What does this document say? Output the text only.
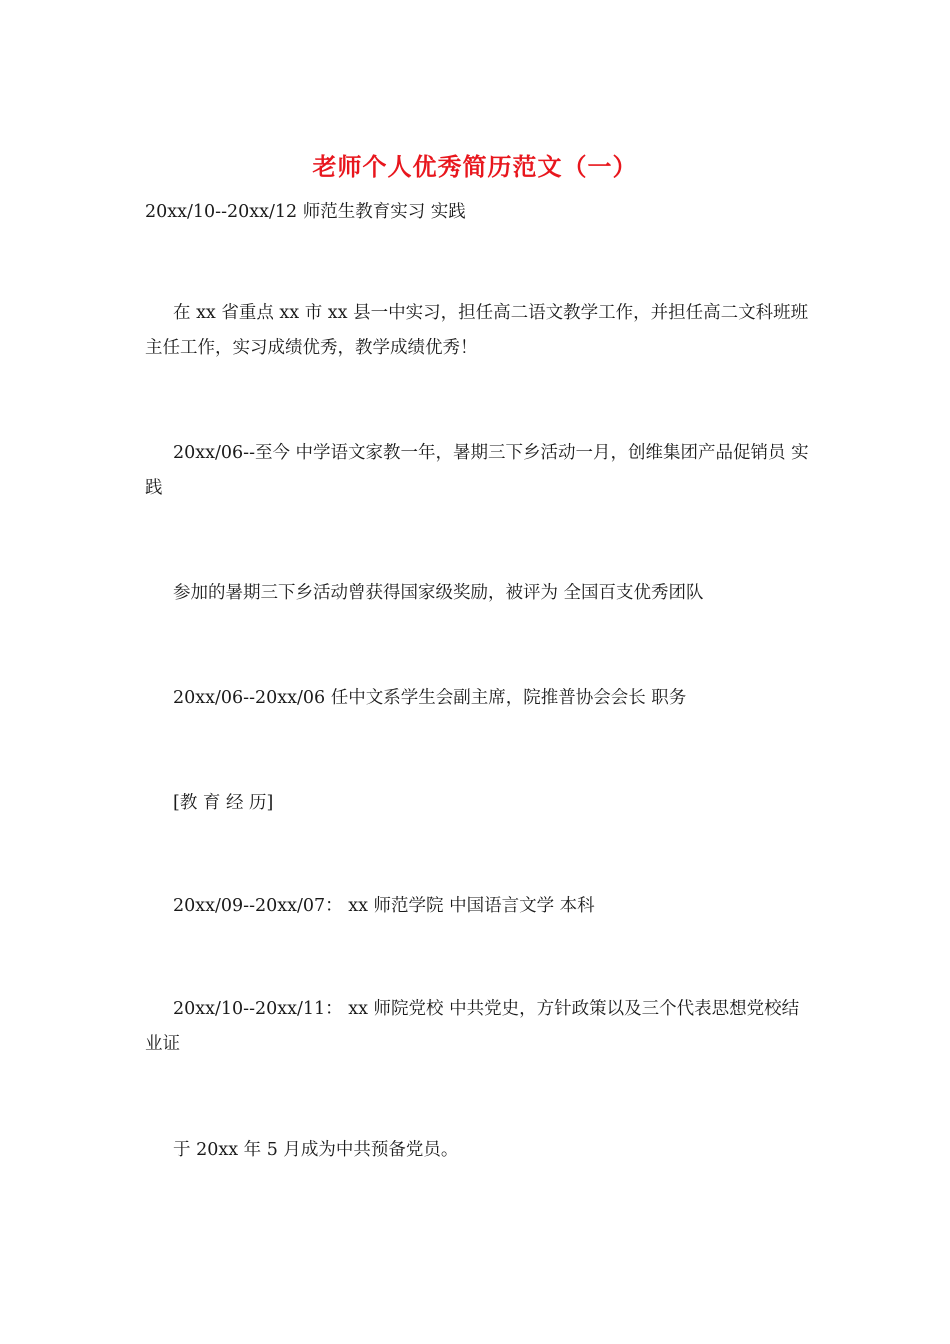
老师个人优秀简历范文（一）
20xx/10--20xx/12 师范生教育实习 实践
在 xx 省重点 xx 市 xx 县一中实习，担任高二语文教学工作，并担任高二文科班班主任工作，实习成绩优秀，教学成绩优秀！
20xx/06--至今 中学语文家教一年，暑期三下乡活动一月，创维集团产品促销员 实践
参加的暑期三下乡活动曾获得国家级奖励，被评为 全国百支优秀团队
20xx/06--20xx/06 任中文系学生会副主席，院推普协会会长 职务
[教 育 经 历]
20xx/09--20xx/07： xx 师范学院 中国语言文学 本科
20xx/10--20xx/11： xx 师院党校 中共党史，方针政策以及三个代表思想党校结业证
于 20xx 年 5 月成为中共预备党员。
